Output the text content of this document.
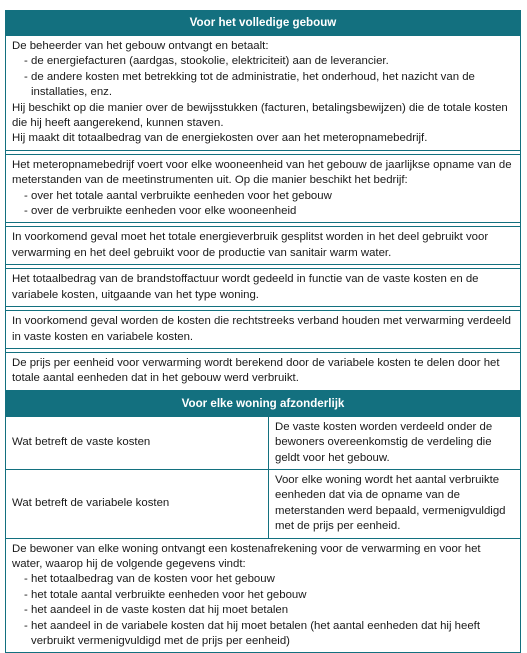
Voor het volledige gebouw

De beheerder van het gebouw ontvangt en betaalt:

- de energiefacturen (aardgas, stookolie, elektriciteit) aan de leverancier.
- de andere kosten met betrekking tot de administratie, het onderhoud, het nazicht van de installaties, enz.

Hij beschikt op die manier over de bewijsstukken (facturen, betalingsbewijzen) die de totale kosten die hij heeft aangerekend, kunnen staven.

Hij maakt dit totaalbedrag van de energiekosten over aan het meteropnamebedrijf.

Het meteropnamebedrijf voert voor elke wooneenheid van het gebouw de jaarlijkse opname van de meterstanden van de meetinstrumenten uit. Op die manier beschikt het bedrijf:

- over het totale aantal verbruikte eenheden voor het gebouw
- over de verbruikte eenheden voor elke wooneenheid

In voorkomend geval moet het totale energieverbruik gesplitst worden in het deel gebruikt voor verwarming en het deel gebruikt voor de productie van sanitair warm water.

Het totaalbedrag van de brandstoffactuur wordt gedeeld in functie van de vaste kosten en de variabele kosten, uitgaande van het type woning.

In voorkomend geval worden de kosten die rechtstreeks verband houden met verwarming verdeeld in vaste kosten en variabele kosten.

De prijs per eenheid voor verwarming wordt berekend door de variabele kosten te delen door het totale aantal eenheden dat in het gebouw werd verbruikt.

Voor elke woning afzonderlijk
Wat betreft de vaste kosten
De vaste kosten worden verdeeld onder de bewoners overeenkomstig de verdeling die geldt voor het gebouw.
Wat betreft de variabele kosten
Voor elke woning wordt het aantal verbruikte eenheden dat via de opname van de meterstanden werd bepaald, vermenigvuldigd met de prijs per eenheid.

De bewoner van elke woning ontvangt een kostenafrekening voor de verwarming en voor het water, waarop hij de volgende gegevens vindt:

- het totaalbedrag van de kosten voor het gebouw
- het totale aantal verbruikte eenheden voor het gebouw
- het aandeel in de vaste kosten dat hij moet betalen
- het aandeel in de variabele kosten dat hij moet betalen (het aantal eenheden dat hij heeft verbruikt vermenigvuldigd met de prijs per eenheid)
